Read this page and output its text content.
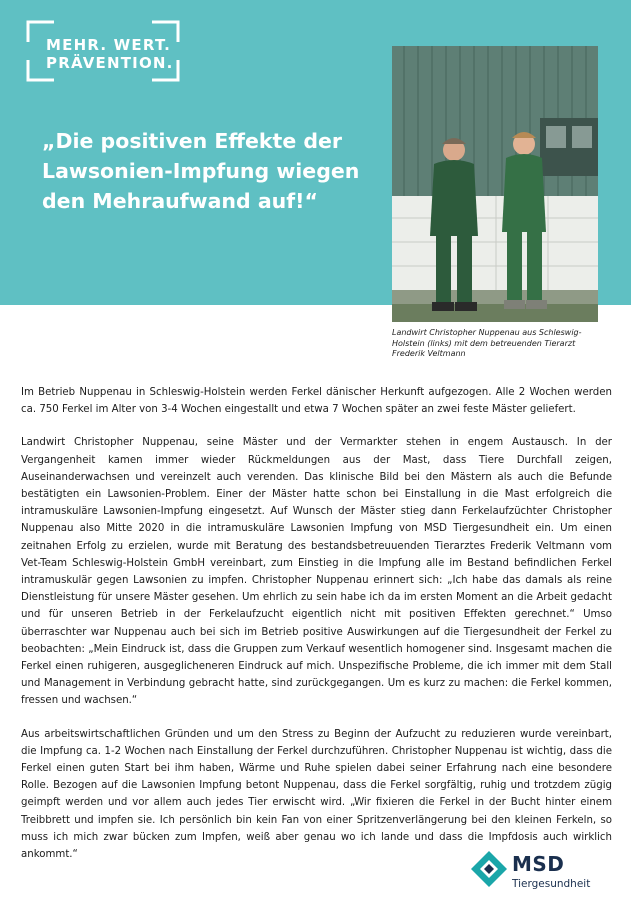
MEHR. WERT.
PRÄVENTION.
„Die positiven Effekte der Lawsonien-Impfung wiegen den Mehraufwand auf!“
Landwirt Christopher Nuppenau aus Schleswig-Holstein (links) mit dem betreuenden Tierarzt Frederik Veltmann

Im Betrieb Nuppenau in Schleswig-Holstein werden Ferkel dänischer Herkunft aufgezogen. Alle 2 Wochen werden ca. 750 Ferkel im Alter von 3-4 Wochen eingestallt und etwa 7 Wochen später an zwei feste Mäster geliefert.

Landwirt Christopher Nuppenau, seine Mäster und der Vermarkter stehen in engem Austausch. In der Vergangenheit kamen immer wieder Rückmeldungen aus der Mast, dass Tiere Durchfall zeigen, Auseinanderwachsen und vereinzelt auch verenden. Das klinische Bild bei den Mästern als auch die Befunde bestätigten ein Lawsonien-Problem. Einer der Mäster hatte schon bei Einstallung in die Mast erfolgreich die intramuskuläre Lawsonien-Impfung eingesetzt. Auf Wunsch der Mäster stieg dann Ferkelaufzüchter Christopher Nuppenau also Mitte 2020 in die intramuskuläre Lawsonien Impfung von MSD Tiergesundheit ein. Um einen zeitnahen Erfolg zu erzielen, wurde mit Beratung des bestandsbetreuuenden Tierarztes Frederik Veltmann vom Vet-Team Schleswig-Holstein GmbH vereinbart, zum Einstieg in die Impfung alle im Bestand befindlichen Ferkel intramuskulär gegen Lawsonien zu impfen. Christopher Nuppenau erinnert sich: „Ich habe das damals als reine Dienstleistung für unsere Mäster gesehen. Um ehrlich zu sein habe ich da im ersten Moment an die Arbeit gedacht und für unseren Betrieb in der Ferkelaufzucht eigentlich nicht mit positiven Effekten gerechnet.“ Umso überraschter war Nuppenau auch bei sich im Betrieb positive Auswirkungen auf die Tiergesundheit der Ferkel zu beobachten: „Mein Eindruck ist, dass die Gruppen zum Verkauf wesentlich homogener sind. Insgesamt machen die Ferkel einen ruhigeren, ausgeglicheneren Eindruck auf mich. Unspezifische Probleme, die ich immer mit dem Stall und Management in Verbindung gebracht hatte, sind zurückgegangen. Um es kurz zu machen: die Ferkel kommen, fressen und wachsen.“

Aus arbeitswirtschaftlichen Gründen und um den Stress zu Beginn der Aufzucht zu reduzieren wurde vereinbart, die Impfung ca. 1-2 Wochen nach Einstallung der Ferkel durchzuführen. Christopher Nuppenau ist wichtig, dass die Ferkel einen guten Start bei ihm haben, Wärme und Ruhe spielen dabei seiner Erfahrung nach eine besondere Rolle. Bezogen auf die Lawsonien Impfung betont Nuppenau, dass die Ferkel sorgfältig, ruhig und trotzdem zügig geimpft werden und vor allem auch jedes Tier erwischt wird. „Wir fixieren die Ferkel in der Bucht hinter einem Treibbrett und impfen sie. Ich persönlich bin kein Fan von einer Spritzenverlängerung bei den kleinen Ferkeln, so muss ich mich zwar bücken zum Impfen, weiß aber genau wo ich lande und dass die Impfdosis auch wirklich ankommt.“	MSD
Tiergesundheit
